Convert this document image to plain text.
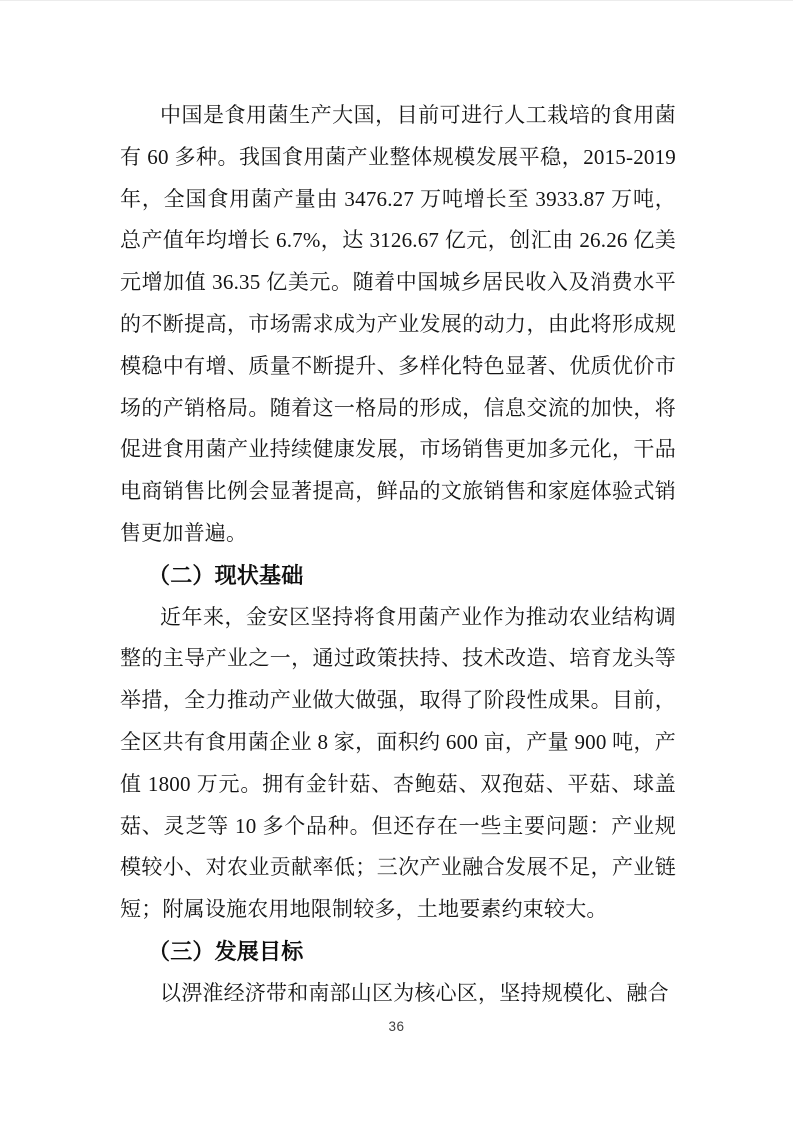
中国是食用菌生产大国，目前可进行人工栽培的食用菌有 60 多种。我国食用菌产业整体规模发展平稳，2015-2019 年，全国食用菌产量由 3476.27 万吨增长至 3933.87 万吨，总产值年均增长 6.7%，达 3126.67 亿元，创汇由 26.26 亿美元增加值 36.35 亿美元。随着中国城乡居民收入及消费水平的不断提高，市场需求成为产业发展的动力，由此将形成规模稳中有增、质量不断提升、多样化特色显著、优质优价市场的产销格局。随着这一格局的形成，信息交流的加快，将促进食用菌产业持续健康发展，市场销售更加多元化，干品电商销售比例会显著提高，鲜品的文旅销售和家庭体验式销售更加普遍。

（二）现状基础

近年来，金安区坚持将食用菌产业作为推动农业结构调整的主导产业之一，通过政策扶持、技术改造、培育龙头等举措，全力推动产业做大做强，取得了阶段性成果。目前，全区共有食用菌企业 8 家，面积约 600 亩，产量 900 吨，产值 1800 万元。拥有金针菇、杏鲍菇、双孢菇、平菇、球盖菇、灵芝等 10 多个品种。但还存在一些主要问题：产业规模较小、对农业贡献率低；三次产业融合发展不足，产业链短；附属设施农用地限制较多，土地要素约束较大。

（三）发展目标

以淠淮经济带和南部山区为核心区，坚持规模化、融合

36
